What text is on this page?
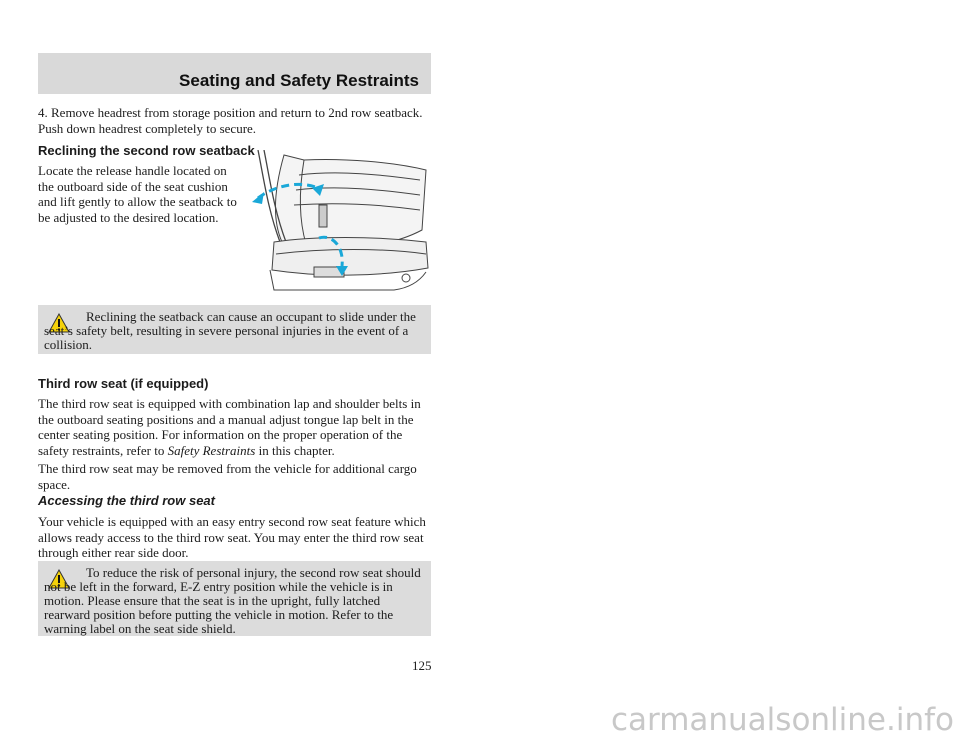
Seating and Safety Restraints

4. Remove headrest from storage position and return to 2nd row seatback. Push down headrest completely to secure.

Reclining the second row seatback

Locate the release handle located on the outboard side of the seat cushion and lift gently to allow the seatback to be adjusted to the desired location.

Reclining the seatback can cause an occupant to slide under the seat’s safety belt, resulting in severe personal injuries in the event of a collision.
Third row seat (if equipped)

The third row seat is equipped with combination lap and shoulder belts in the outboard seating positions and a manual adjust tongue lap belt in the center seating position. For information on the proper operation of the safety restraints, refer to Safety Restraints in this chapter.

The third row seat may be removed from the vehicle for additional cargo space.

Accessing the third row seat

Your vehicle is equipped with an easy entry second row seat feature which allows ready access to the third row seat. You may enter the third row seat through either rear side door.

To reduce the risk of personal injury, the second row seat should not be left in the forward, E-Z entry position while the vehicle is in motion. Please ensure that the seat is in the upright, fully latched rearward position before putting the vehicle in motion. Refer to the warning label on the seat side shield.
125
carmanualsonline.info
